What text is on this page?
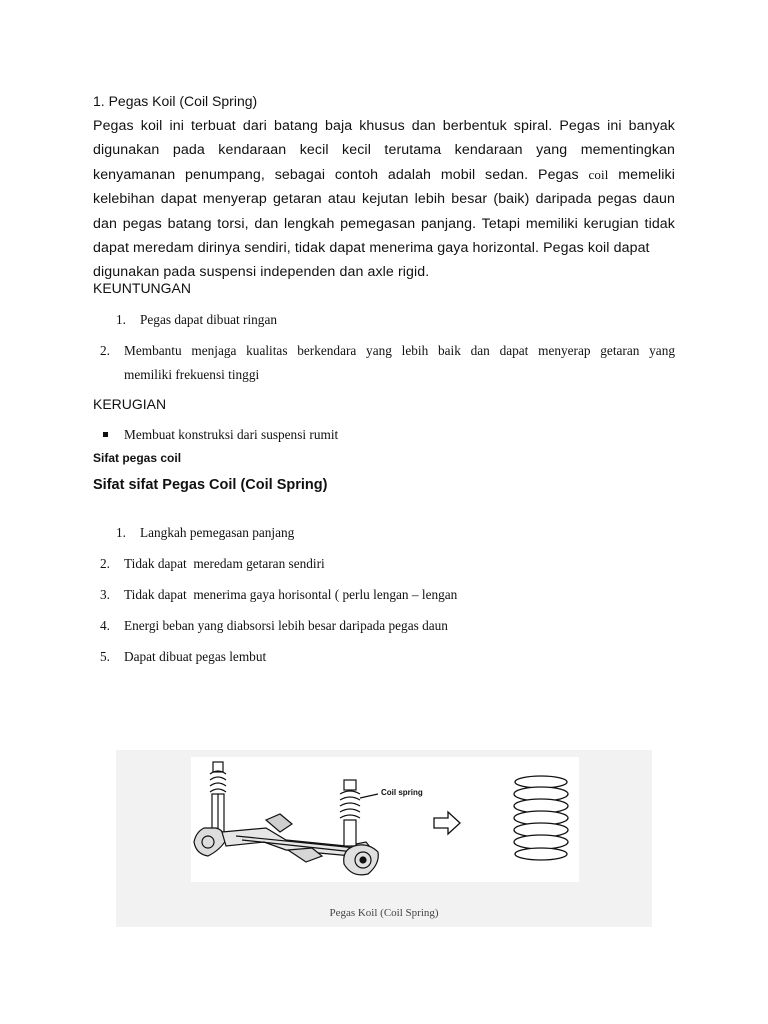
1. Pegas Koil (Coil Spring)
Pegas koil ini terbuat dari batang baja khusus dan berbentuk spiral. Pegas ini banyak digunakan pada kendaraan kecil kecil terutama kendaraan yang mementingkan kenyamanan penumpang, sebagai contoh adalah mobil sedan. Pegas coil memeliki kelebihan dapat menyerap getaran atau kejutan lebih besar (baik) daripada pegas daun dan pegas batang torsi, dan lengkah pemegasan panjang. Tetapi memiliki kerugian tidak dapat meredam dirinya sendiri, tidak dapat menerima gaya horizontal. Pegas koil dapat
digunakan pada suspensi independen dan axle rigid.
KEUNTUNGAN
1. Pegas dapat dibuat ringan
2. Membantu menjaga kualitas berkendara yang lebih baik dan dapat menyerap getaran yang
memiliki frekuensi tinggi
KERUGIAN
Membuat konstruksi dari suspensi rumit
Sifat pegas coil
Sifat sifat Pegas Coil (Coil Spring)
1. Langkah pemegasan panjang
2. Tidak dapat  meredam getaran sendiri
3. Tidak dapat  menerima gaya horisontal ( perlu lengan – lengan
4. Energi beban yang diabsorsi lebih besar daripada pegas daun
5. Dapat dibuat pegas lembut
Coil spring
Pegas Koil (Coil Spring)
